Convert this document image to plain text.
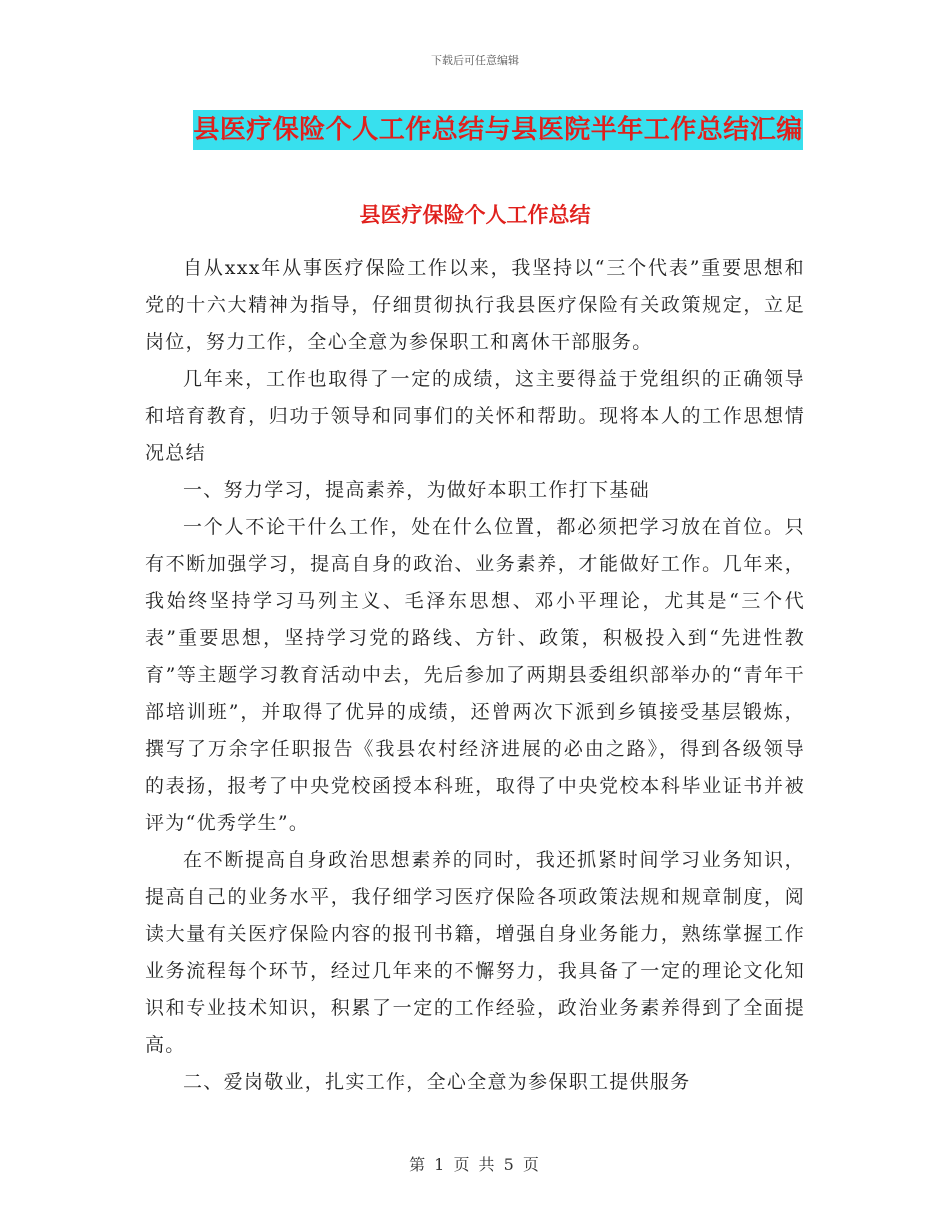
下载后可任意编辑
县医疗保险个人工作总结与县医院半年工作总结汇编
县医疗保险个人工作总结

自从xxx年从事医疗保险工作以来，我坚持以“三个代表”重要思想和党的十六大精神为指导，仔细贯彻执行我县医疗保险有关政策规定，立足岗位，努力工作，全心全意为参保职工和离休干部服务。

几年来，工作也取得了一定的成绩，这主要得益于党组织的正确领导和培育教育，归功于领导和同事们的关怀和帮助。现将本人的工作思想情况总结

一、努力学习，提高素养，为做好本职工作打下基础

一个人不论干什么工作，处在什么位置，都必须把学习放在首位。只有不断加强学习，提高自身的政治、业务素养，才能做好工作。几年来，我始终坚持学习马列主义、毛泽东思想、邓小平理论，尤其是“三个代表”重要思想，坚持学习党的路线、方针、政策，积极投入到“先进性教育”等主题学习教育活动中去，先后参加了两期县委组织部举办的“青年干部培训班”，并取得了优异的成绩，还曾两次下派到乡镇接受基层锻炼，撰写了万余字任职报告《我县农村经济进展的必由之路》，得到各级领导的表扬，报考了中央党校函授本科班，取得了中央党校本科毕业证书并被评为“优秀学生”。

在不断提高自身政治思想素养的同时，我还抓紧时间学习业务知识，提高自己的业务水平，我仔细学习医疗保险各项政策法规和规章制度，阅读大量有关医疗保险内容的报刊书籍，增强自身业务能力，熟练掌握工作业务流程每个环节，经过几年来的不懈努力，我具备了一定的理论文化知识和专业技术知识，积累了一定的工作经验，政治业务素养得到了全面提高。

二、爱岗敬业，扎实工作，全心全意为参保职工提供服务

第 1 页 共 5 页
